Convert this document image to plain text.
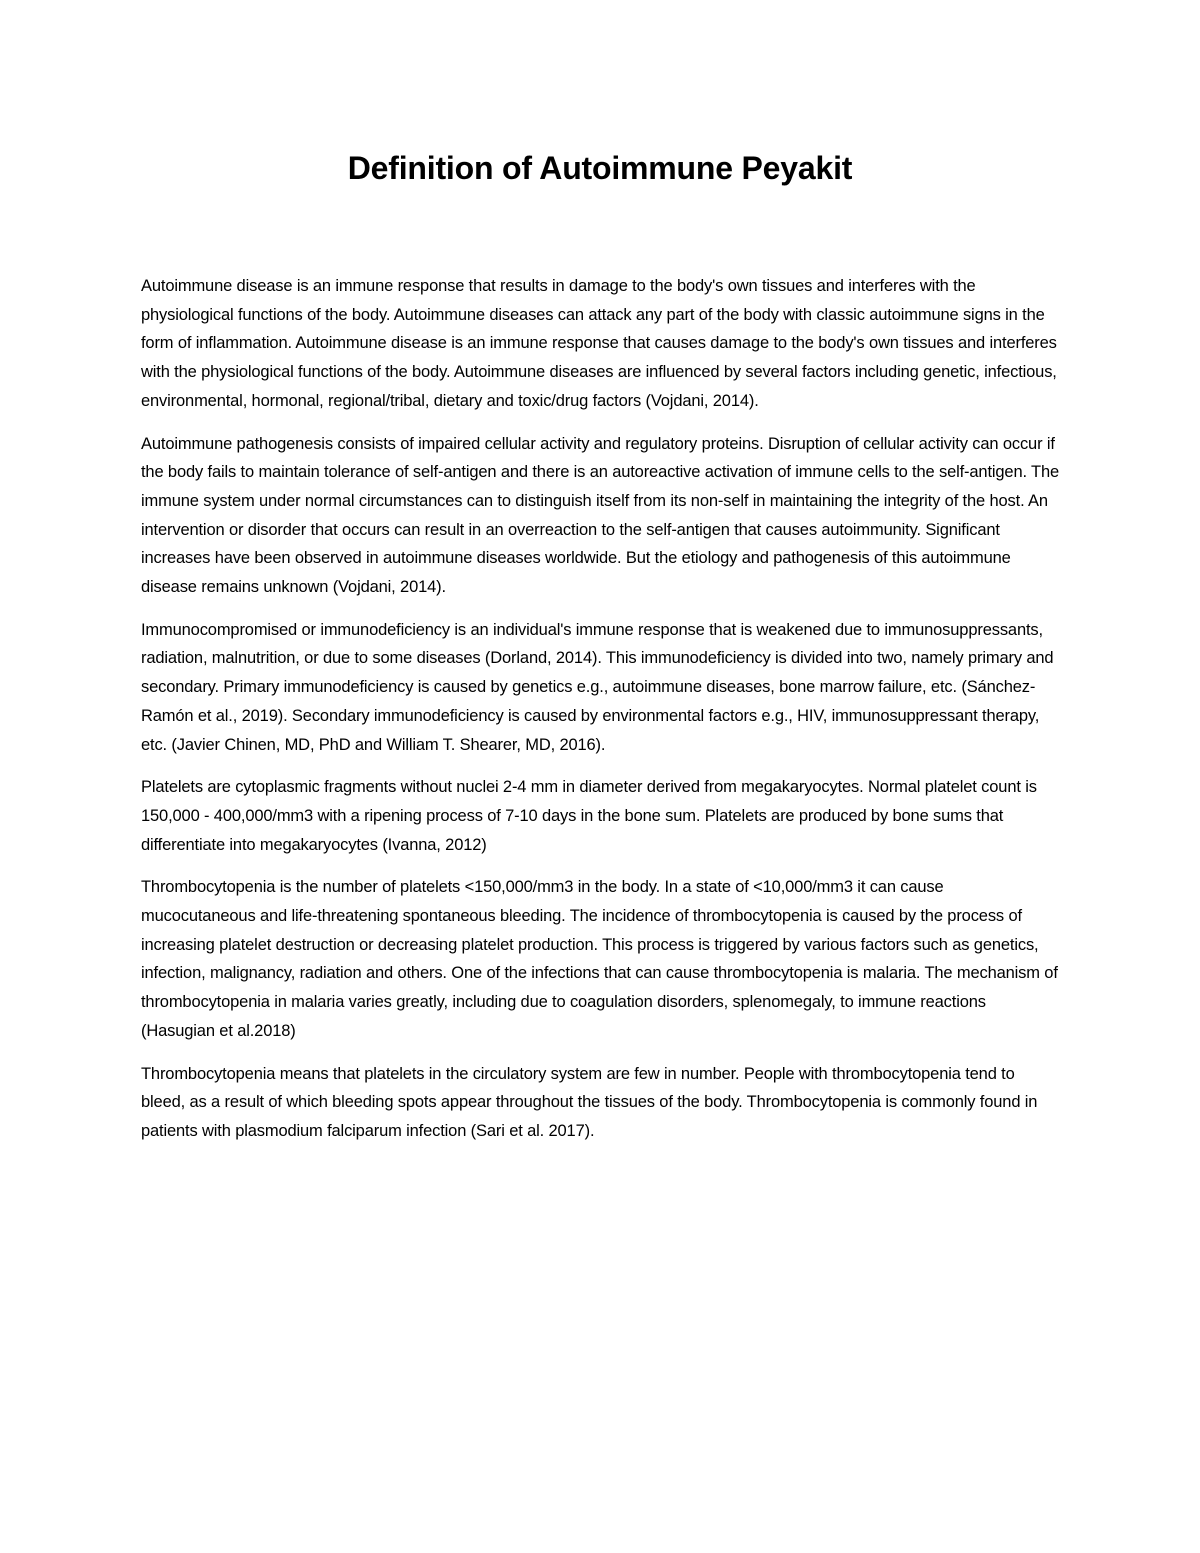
Definition of Autoimmune Peyakit

Autoimmune disease is an immune response that results in damage to the body's own tissues and interferes with the physiological functions of the body. Autoimmune diseases can attack any part of the body with classic autoimmune signs in the form of inflammation. Autoimmune disease is an immune response that causes damage to the body's own tissues and interferes with the physiological functions of the body. Autoimmune diseases are influenced by several factors including genetic, infectious, environmental, hormonal, regional/tribal, dietary and toxic/drug factors (Vojdani, 2014).

Autoimmune pathogenesis consists of impaired cellular activity and regulatory proteins. Disruption of cellular activity can occur if the body fails to maintain tolerance of self-antigen and there is an autoreactive activation of immune cells to the self-antigen. The immune system under normal circumstances can to distinguish itself from its non-self in maintaining the integrity of the host. An intervention or disorder that occurs can result in an overreaction to the self-antigen that causes autoimmunity. Significant increases have been observed in autoimmune diseases worldwide. But the etiology and pathogenesis of this autoimmune disease remains unknown (Vojdani, 2014).

Immunocompromised or immunodeficiency is an individual's immune response that is weakened due to immunosuppressants, radiation, malnutrition, or due to some diseases (Dorland, 2014). This immunodeficiency is divided into two, namely primary and secondary. Primary immunodeficiency is caused by genetics e.g., autoimmune diseases, bone marrow failure, etc. (Sánchez-Ramón et al., 2019). Secondary immunodeficiency is caused by environmental factors e.g., HIV, immunosuppressant therapy, etc. (Javier Chinen, MD, PhD and William T. Shearer, MD, 2016).

Platelets are cytoplasmic fragments without nuclei 2-4 mm in diameter derived from megakaryocytes. Normal platelet count is 150,000 - 400,000/mm3 with a ripening process of 7-10 days in the bone sum. Platelets are produced by bone sums that differentiate into megakaryocytes (Ivanna, 2012)

Thrombocytopenia is the number of platelets <150,000/mm3 in the body. In a state of <10,000/mm3 it can cause mucocutaneous and life-threatening spontaneous bleeding. The incidence of thrombocytopenia is caused by the process of increasing platelet destruction or decreasing platelet production. This process is triggered by various factors such as genetics, infection, malignancy, radiation and others. One of the infections that can cause thrombocytopenia is malaria. The mechanism of thrombocytopenia in malaria varies greatly, including due to coagulation disorders, splenomegaly, to immune reactions (Hasugian et al.2018)

Thrombocytopenia means that platelets in the circulatory system are few in number. People with thrombocytopenia tend to bleed, as a result of which bleeding spots appear throughout the tissues of the body. Thrombocytopenia is commonly found in patients with plasmodium falciparum infection (Sari et al. 2017).
